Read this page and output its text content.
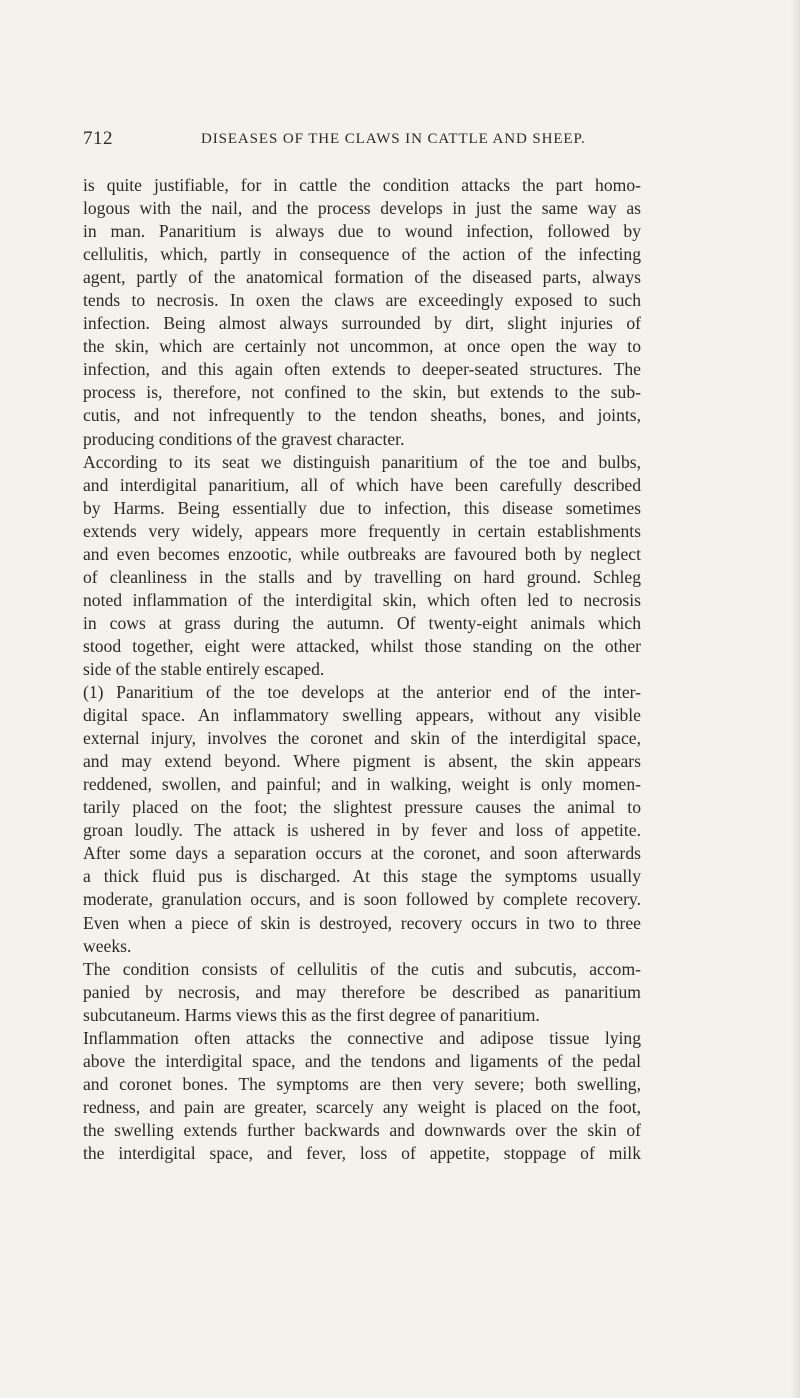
712	DISEASES OF THE CLAWS IN CATTLE AND SHEEP.
is quite justifiable, for in cattle the condition attacks the part homo-
logous with the nail, and the process develops in just the same way as
in man. Panaritium is always due to wound infection, followed by
cellulitis, which, partly in consequence of the action of the infecting
agent, partly of the anatomical formation of the diseased parts, always
tends to necrosis. In oxen the claws are exceedingly exposed to such
infection. Being almost always surrounded by dirt, slight injuries of
the skin, which are certainly not uncommon, at once open the way to
infection, and this again often extends to deeper-seated structures. The
process is, therefore, not confined to the skin, but extends to the sub-
cutis, and not infrequently to the tendon sheaths, bones, and joints,
producing conditions of the gravest character.
According to its seat we distinguish panaritium of the toe and bulbs,
and interdigital panaritium, all of which have been carefully described
by Harms. Being essentially due to infection, this disease sometimes
extends very widely, appears more frequently in certain establishments
and even becomes enzootic, while outbreaks are favoured both by neglect
of cleanliness in the stalls and by travelling on hard ground. Schleg
noted inflammation of the interdigital skin, which often led to necrosis
in cows at grass during the autumn. Of twenty-eight animals which
stood together, eight were attacked, whilst those standing on the other
side of the stable entirely escaped.
(1) Panaritium of the toe develops at the anterior end of the inter-
digital space. An inflammatory swelling appears, without any visible
external injury, involves the coronet and skin of the interdigital space,
and may extend beyond. Where pigment is absent, the skin appears
reddened, swollen, and painful; and in walking, weight is only momen-
tarily placed on the foot; the slightest pressure causes the animal to
groan loudly. The attack is ushered in by fever and loss of appetite.
After some days a separation occurs at the coronet, and soon afterwards
a thick fluid pus is discharged. At this stage the symptoms usually
moderate, granulation occurs, and is soon followed by complete recovery.
Even when a piece of skin is destroyed, recovery occurs in two to three
weeks.
The condition consists of cellulitis of the cutis and subcutis, accom-
panied by necrosis, and may therefore be described as panaritium
subcutaneum. Harms views this as the first degree of panaritium.
Inflammation often attacks the connective and adipose tissue lying
above the interdigital space, and the tendons and ligaments of the pedal
and coronet bones. The symptoms are then very severe; both swelling,
redness, and pain are greater, scarcely any weight is placed on the foot,
the swelling extends further backwards and downwards over the skin of
the interdigital space, and fever, loss of appetite, stoppage of milk
